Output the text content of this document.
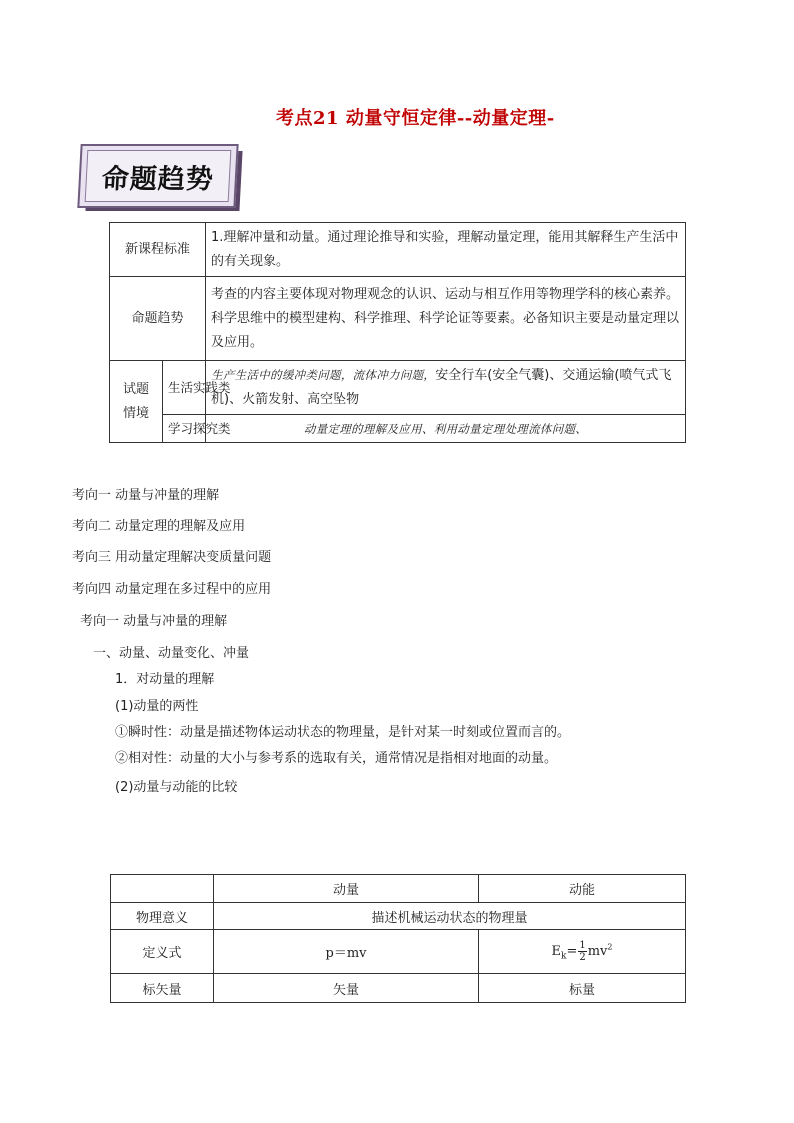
考点21 动量守恒定律--动量定理-
命题趋势
新课程标准		1.理解冲量和动量。通过理论推导和实验，理解动量定理，能用其解释生产生活中的有关现象。
命题趋势		考查的内容主要体现对物理观念的认识、运动与相互作用等物理学科的核心素养。科学思维中的模型建构、科学推理、科学论证等要素。必备知识主要是动量定理以及应用。
试题
情境	生活实践类	生产生活中的缓冲类问题，流体冲力问题，安全行车(安全气囊)、交通运输(喷气式飞机)、火箭发射、高空坠物
	学习探究类	动量定理的理解及应用、利用动量定理处理流体问题、
考向一 动量与冲量的理解
考向二 动量定理的理解及应用
考向三 用动量定理解决变质量问题
考向四 动量定理在多过程中的应用
考向一 动量与冲量的理解
一、动量、动量变化、冲量
1．对动量的理解
(1)动量的两性
①瞬时性：动量是描述物体运动状态的物理量，是针对某一时刻或位置而言的。
②相对性：动量的大小与参考系的选取有关，通常情况是指相对地面的动量。
(2)动量与动能的比较
	动量	动能
物理意义	描述机械运动状态的物理量	
定义式	p＝mv	$E_k= \frac{1}{2} mv^2$
标矢量	矢量	标量
